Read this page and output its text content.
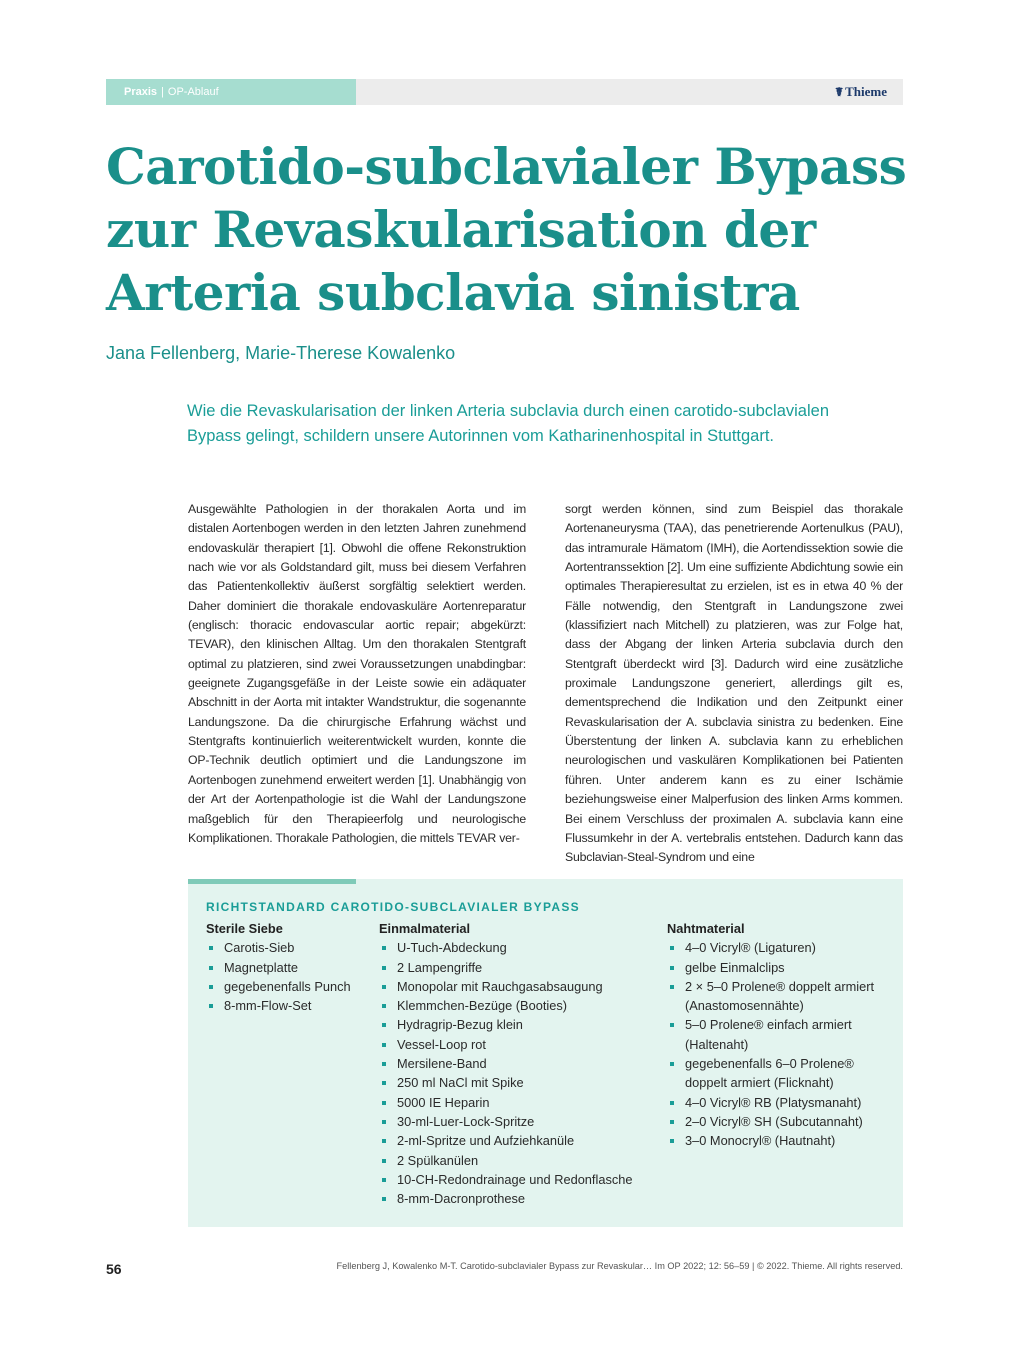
Praxis | OP-Ablauf	☤ Thieme
Carotido-subclavialer Bypass zur Revaskularisation der Arteria subclavia sinistra
Jana Fellenberg, Marie-Therese Kowalenko

Wie die Revaskularisation der linken Arteria subclavia durch einen carotido-subclavialen Bypass gelingt, schildern unsere Autorinnen vom Katharinenhospital in Stuttgart.

Ausgewählte Pathologien in der thorakalen Aorta und im distalen Aortenbogen werden in den letzten Jahren zunehmend endovaskulär therapiert [1]. Obwohl die offene Rekonstruktion nach wie vor als Goldstandard gilt, muss bei diesem Verfahren das Patientenkollektiv äußerst sorgfältig selektiert werden. Daher dominiert die thorakale endovaskuläre Aortenreparatur (englisch: thoracic endovascular aortic repair; abgekürzt: TEVAR), den klinischen Alltag. Um den thorakalen Stentgraft optimal zu platzieren, sind zwei Voraussetzungen unabdingbar: geeignete Zugangsgefäße in der Leiste sowie ein adäquater Abschnitt in der Aorta mit intakter Wandstruktur, die sogenannte Landungszone. Da die chirurgische Erfahrung wächst und Stentgrafts kontinuierlich weiterentwickelt wurden, konnte die OP-Technik deutlich optimiert und die Landungszone im Aortenbogen zunehmend erweitert werden [1]. Unabhängig von der Art der Aortenpathologie ist die Wahl der Landungszone maßgeblich für den Therapieerfolg und neurologische Komplikationen. Thorakale Pathologien, die mittels TEVAR ver-

sorgt werden können, sind zum Beispiel das thorakale Aortenaneurysma (TAA), das penetrierende Aortenulkus (PAU), das intramurale Hämatom (IMH), die Aortendissektion sowie die Aortentranssektion [2]. Um eine suffiziente Abdichtung sowie ein optimales Therapieresultat zu erzielen, ist es in etwa 40 % der Fälle notwendig, den Stentgraft in Landungszone zwei (klassifiziert nach Mitchell) zu platzieren, was zur Folge hat, dass der Abgang der linken Arteria subclavia durch den Stentgraft überdeckt wird [3]. Dadurch wird eine zusätzliche proximale Landungszone generiert, allerdings gilt es, dementsprechend die Indikation und den Zeitpunkt einer Revaskularisation der A. subclavia sinistra zu bedenken. Eine Überstentung der linken A. subclavia kann zu erheblichen neurologischen und vaskulären Komplikationen bei Patienten führen. Unter anderem kann es zu einer Ischämie beziehungsweise einer Malperfusion des linken Arms kommen. Bei einem Verschluss der proximalen A. subclavia kann eine Flussumkehr in der A. vertebralis entstehen. Dadurch kann das Subclavian-Steal-Syndrom und eine

RICHTSTANDARD CAROTIDO-SUBCLAVIALER BYPASS
Sterile Siebe
Carotis-Sieb
Magnetplatte
gegebenenfalls Punch
8-mm-Flow-Set
Einmalmaterial
U-Tuch-Abdeckung
2 Lampengriffe
Monopolar mit Rauchgasabsaugung
Klemmchen-Bezüge (Booties)
Hydragrip-Bezug klein
Vessel-Loop rot
Mersilene-Band
250 ml NaCl mit Spike
5000 IE Heparin
30-ml-Luer-Lock-Spritze
2-ml-Spritze und Aufziehkanüle
2 Spülkanülen
10-CH-Redondrainage und Redonflasche
8-mm-Dacronprothese
Nahtmaterial
4–0 Vicryl® (Ligaturen)
gelbe Einmalclips
2 × 5–0 Prolene® doppelt armiert (Anastomosennähte)
5–0 Prolene® einfach armiert (Haltenaht)
gegebenenfalls 6–0 Prolene® doppelt armiert (Flicknaht)
4–0 Vicryl® RB (Platysmanaht)
2–0 Vicryl® SH (Subcutannaht)
3–0 Monocryl® (Hautnaht)
56	Fellenberg J, Kowalenko M-T. Carotido-subclavialer Bypass zur Revaskular… Im OP 2022; 12: 56–59 | © 2022. Thieme. All rights reserved.
